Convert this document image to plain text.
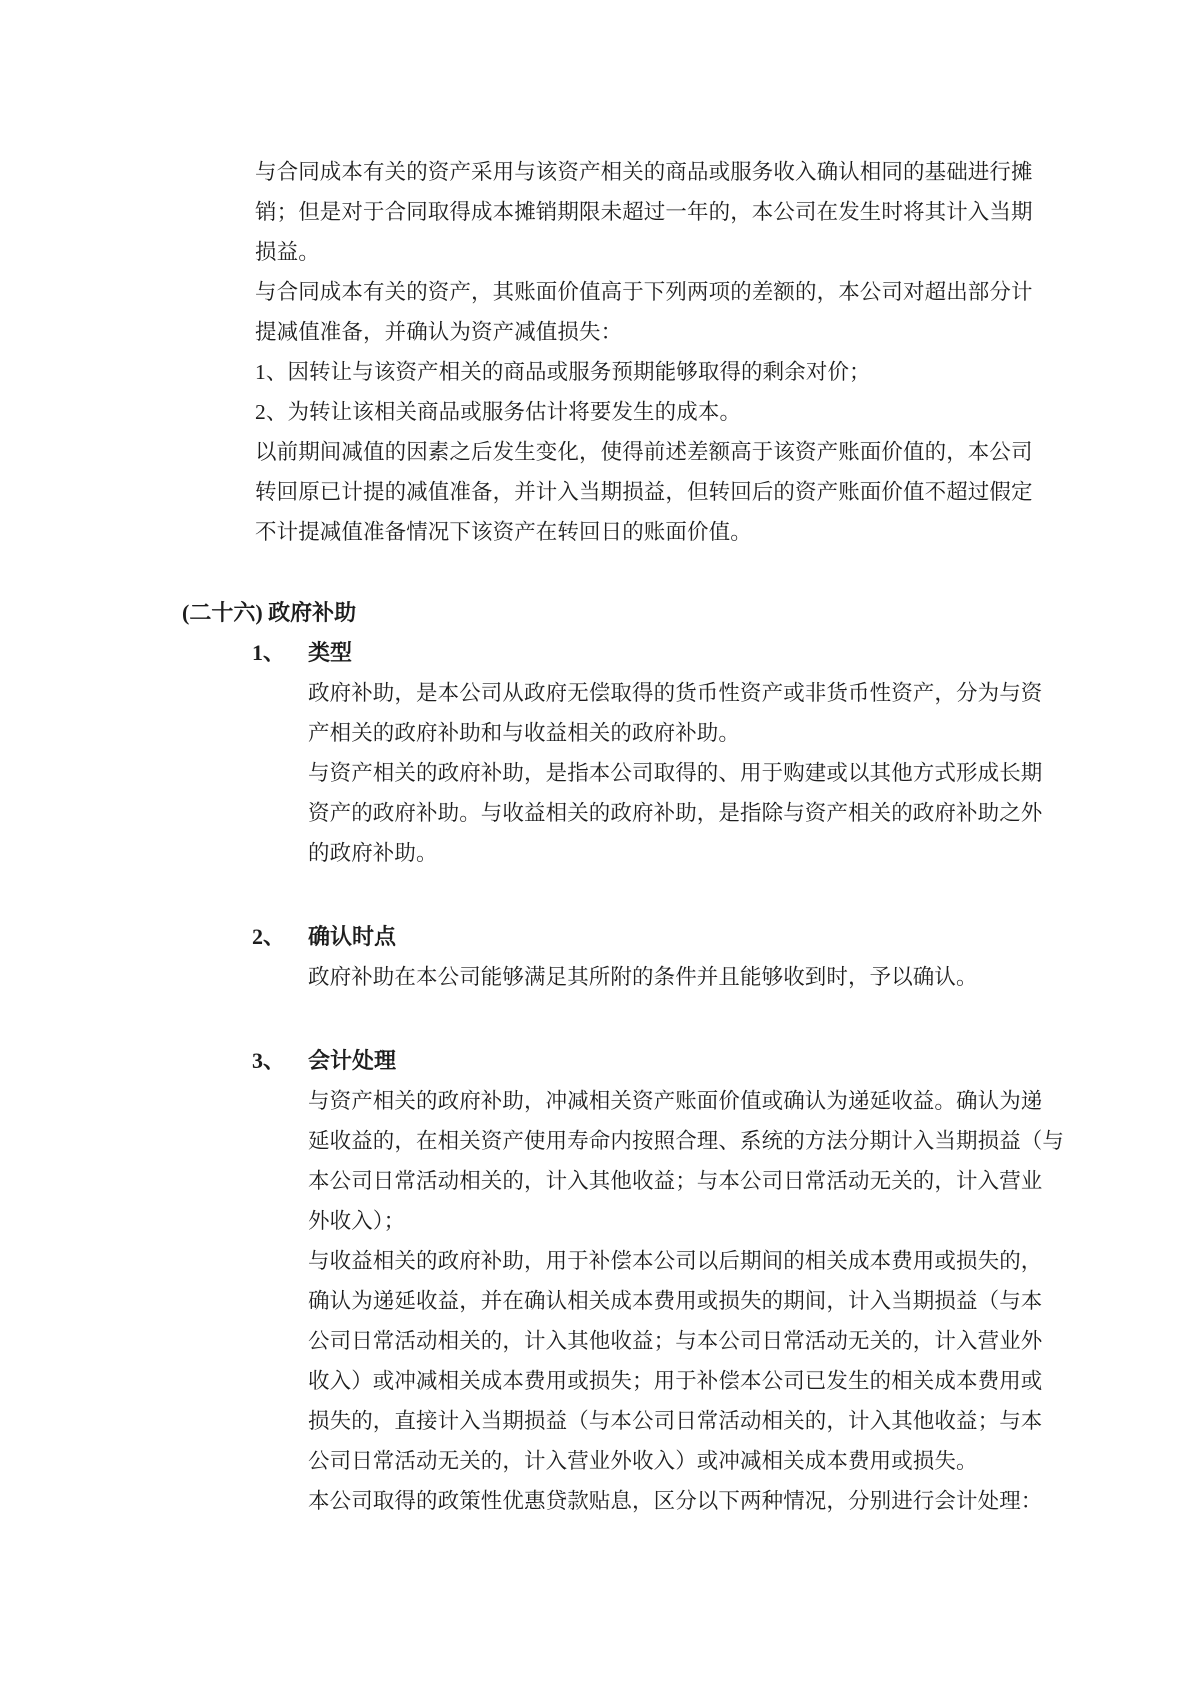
与合同成本有关的资产采用与该资产相关的商品或服务收入确认相同的基础进行摊
销；但是对于合同取得成本摊销期限未超过一年的，本公司在发生时将其计入当期
损益。
与合同成本有关的资产，其账面价值高于下列两项的差额的，本公司对超出部分计
提减值准备，并确认为资产减值损失：
1、因转让与该资产相关的商品或服务预期能够取得的剩余对价；
2、为转让该相关商品或服务估计将要发生的成本。
以前期间减值的因素之后发生变化，使得前述差额高于该资产账面价值的，本公司
转回原已计提的减值准备，并计入当期损益，但转回后的资产账面价值不超过假定
不计提减值准备情况下该资产在转回日的账面价值。
(二十六) 政府补助
1、	类型
政府补助，是本公司从政府无偿取得的货币性资产或非货币性资产，分为与资
产相关的政府补助和与收益相关的政府补助。
与资产相关的政府补助，是指本公司取得的、用于购建或以其他方式形成长期
资产的政府补助。与收益相关的政府补助，是指除与资产相关的政府补助之外
的政府补助。
2、	确认时点
政府补助在本公司能够满足其所附的条件并且能够收到时，予以确认。
3、	会计处理
与资产相关的政府补助，冲减相关资产账面价值或确认为递延收益。确认为递
延收益的，在相关资产使用寿命内按照合理、系统的方法分期计入当期损益（与
本公司日常活动相关的，计入其他收益；与本公司日常活动无关的，计入营业
外收入）；
与收益相关的政府补助，用于补偿本公司以后期间的相关成本费用或损失的，
确认为递延收益，并在确认相关成本费用或损失的期间，计入当期损益（与本
公司日常活动相关的，计入其他收益；与本公司日常活动无关的，计入营业外
收入）或冲减相关成本费用或损失；用于补偿本公司已发生的相关成本费用或
损失的，直接计入当期损益（与本公司日常活动相关的，计入其他收益；与本
公司日常活动无关的，计入营业外收入）或冲减相关成本费用或损失。
本公司取得的政策性优惠贷款贴息，区分以下两种情况，分别进行会计处理：
